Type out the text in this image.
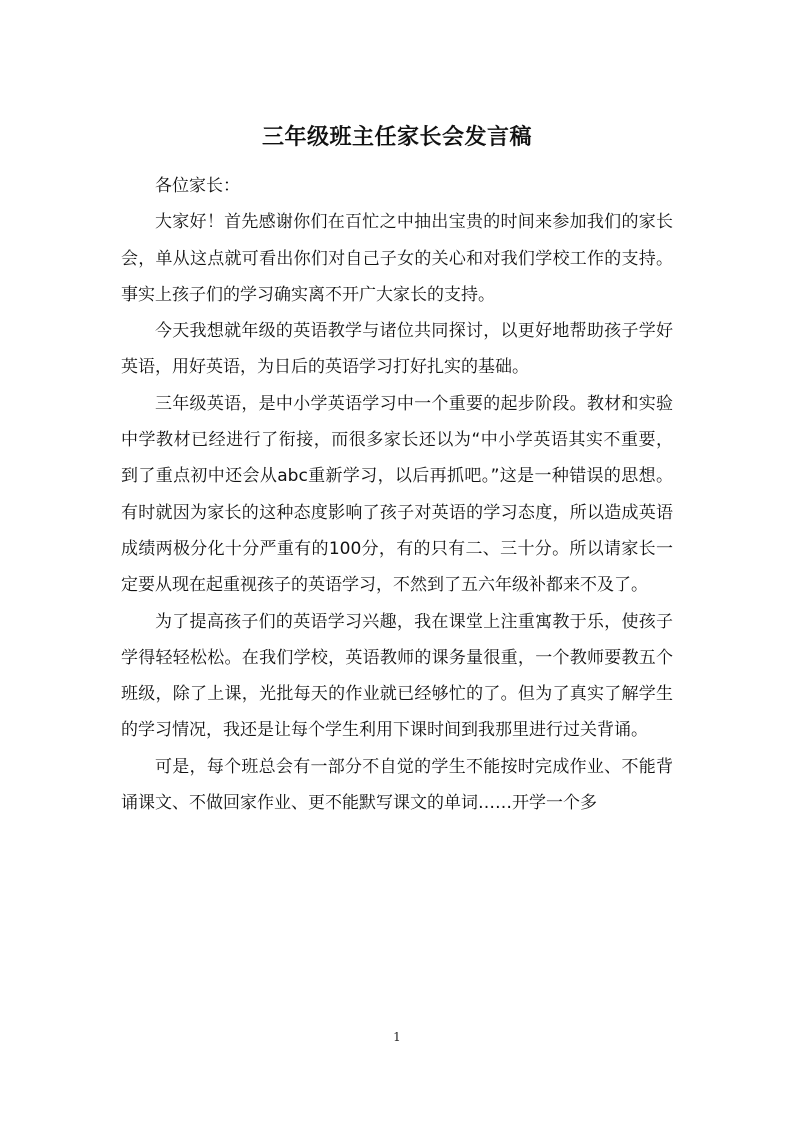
三年级班主任家长会发言稿

各位家长：

大家好！首先感谢你们在百忙之中抽出宝贵的时间来参加我们的家长会，单从这点就可看出你们对自己子女的关心和对我们学校工作的支持。事实上孩子们的学习确实离不开广大家长的支持。

今天我想就年级的英语教学与诸位共同探讨，以更好地帮助孩子学好英语，用好英语，为日后的英语学习打好扎实的基础。

三年级英语，是中小学英语学习中一个重要的起步阶段。教材和实验中学教材已经进行了衔接，而很多家长还以为“中小学英语其实不重要，到了重点初中还会从abc重新学习，以后再抓吧。”这是一种错误的思想。有时就因为家长的这种态度影响了孩子对英语的学习态度，所以造成英语成绩两极分化十分严重有的100分，有的只有二、三十分。所以请家长一定要从现在起重视孩子的英语学习，不然到了五六年级补都来不及了。

为了提高孩子们的英语学习兴趣，我在课堂上注重寓教于乐，使孩子学得轻轻松松。在我们学校，英语教师的课务量很重，一个教师要教五个班级，除了上课，光批每天的作业就已经够忙的了。但为了真实了解学生的学习情况，我还是让每个学生利用下课时间到我那里进行过关背诵。

可是，每个班总会有一部分不自觉的学生不能按时完成作业、不能背诵课文、不做回家作业、更不能默写课文的单词……开学一个多

1
